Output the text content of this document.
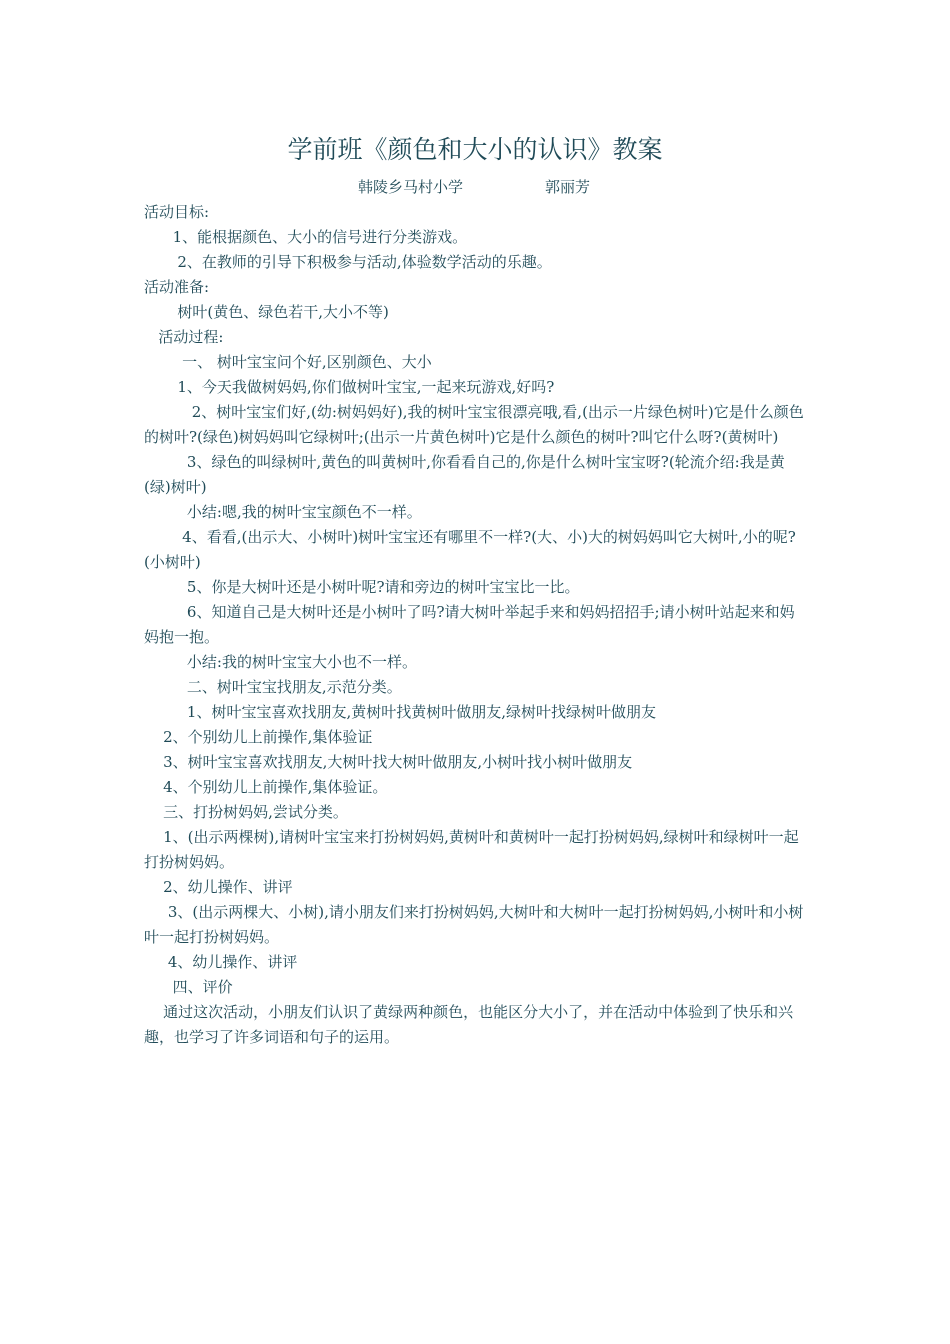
学前班《颜色和大小的认识》教案
韩陵乡马村小学	郭丽芳

活动目标:

1、能根据颜色、大小的信号进行分类游戏。

2、在教师的引导下积极参与活动,体验数学活动的乐趣。

活动准备:

树叶(黄色、绿色若干,大小不等)

活动过程:

一、 树叶宝宝问个好,区别颜色、大小

1、今天我做树妈妈,你们做树叶宝宝,一起来玩游戏,好吗?

2、树叶宝宝们好,(幼:树妈妈好),我的树叶宝宝很漂亮哦,看,(出示一片绿色树叶)它是什么颜色的树叶?(绿色)树妈妈叫它绿树叶;(出示一片黄色树叶)它是什么颜色的树叶?叫它什么呀?(黄树叶)

3、绿色的叫绿树叶,黄色的叫黄树叶,你看看自己的,你是什么树叶宝宝呀?(轮流介绍:我是黄(绿)树叶)

小结:嗯,我的树叶宝宝颜色不一样。

4、看看,(出示大、小树叶)树叶宝宝还有哪里不一样?(大、小)大的树妈妈叫它大树叶,小的呢?(小树叶)

5、你是大树叶还是小树叶呢?请和旁边的树叶宝宝比一比。

6、知道自己是大树叶还是小树叶了吗?请大树叶举起手来和妈妈招招手;请小树叶站起来和妈妈抱一抱。

小结:我的树叶宝宝大小也不一样。

二、树叶宝宝找朋友,示范分类。

1、树叶宝宝喜欢找朋友,黄树叶找黄树叶做朋友,绿树叶找绿树叶做朋友

2、个别幼儿上前操作,集体验证

3、树叶宝宝喜欢找朋友,大树叶找大树叶做朋友,小树叶找小树叶做朋友

4、个别幼儿上前操作,集体验证。

三、打扮树妈妈,尝试分类。

1、(出示两棵树),请树叶宝宝来打扮树妈妈,黄树叶和黄树叶一起打扮树妈妈,绿树叶和绿树叶一起打扮树妈妈。

2、幼儿操作、讲评

3、(出示两棵大、小树),请小朋友们来打扮树妈妈,大树叶和大树叶一起打扮树妈妈,小树叶和小树叶一起打扮树妈妈。

4、幼儿操作、讲评

四、评价

通过这次活动，小朋友们认识了黄绿两种颜色，也能区分大小了，并在活动中体验到了快乐和兴趣，也学习了许多词语和句子的运用。
